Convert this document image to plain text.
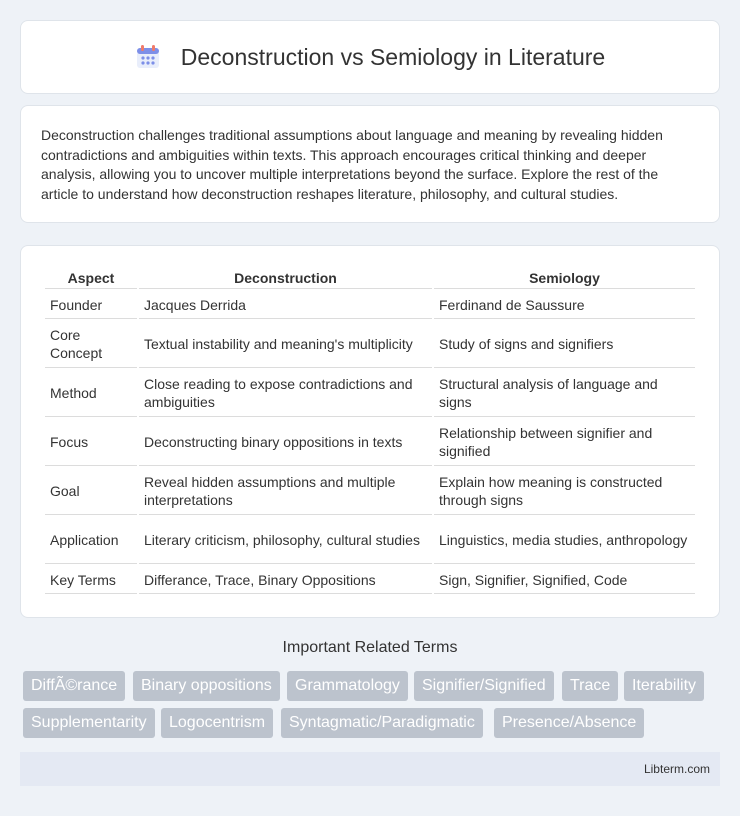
Deconstruction vs Semiology in Literature

Deconstruction challenges traditional assumptions about language and meaning by revealing hidden contradictions and ambiguities within texts. This approach encourages critical thinking and deeper analysis, allowing you to uncover multiple interpretations beyond the surface. Explore the rest of the article to understand how deconstruction reshapes literature, philosophy, and cultural studies.

Aspect	Deconstruction	Semiology
Founder	Jacques Derrida	Ferdinand de Saussure
Core Concept	Textual instability and meaning's multiplicity	Study of signs and signifiers
Method	Close reading to expose contradictions and ambiguities	Structural analysis of language and signs
Focus	Deconstructing binary oppositions in texts	Relationship between signifier and signified
Goal	Reveal hidden assumptions and multiple interpretations	Explain how meaning is constructed through signs
Application	Literary criticism, philosophy, cultural studies	Linguistics, media studies, anthropology
Key Terms	Differance, Trace, Binary Oppositions	Sign, Signifier, Signified, Code
Important Related Terms
DiffÃ©rance	Binary oppositions	Grammatology	Signifier/Signified	Trace	Iterability
Supplementarity	Logocentrism	Syntagmatic/Paradigmatic	Presence/Absence
Libterm.com
